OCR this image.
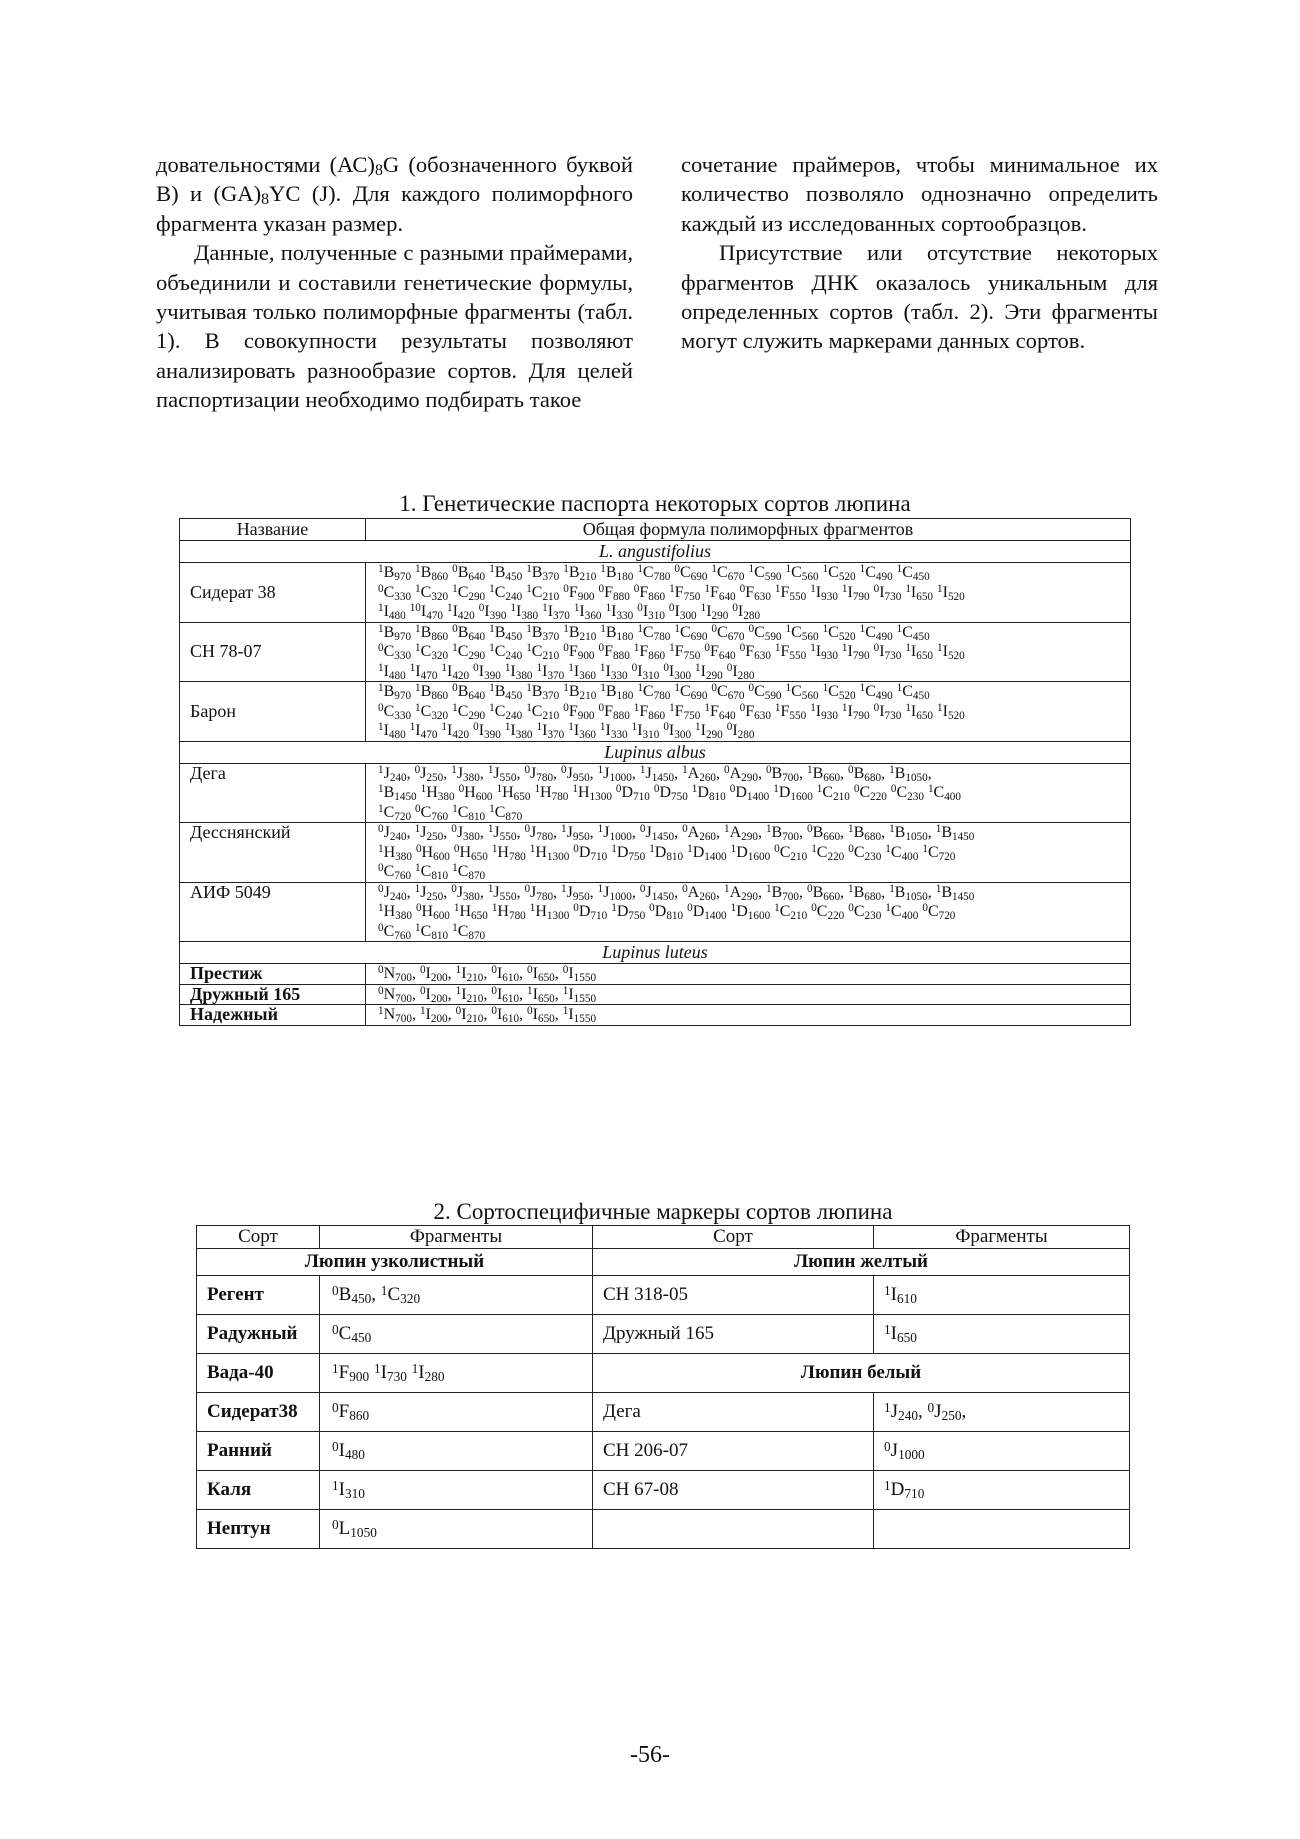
довательностями $(АС)_8G$ (обозначенного буквой В) и $(GA)_8YC$ (J). Для каждого полиморфного фрагмента указан размер.

Данные, полученные с разными праймерами, объединили и составили генетические формулы, учитывая только полиморфные фрагменты (табл. 1). В совокупности результаты позволяют анализировать разнообразие сортов. Для целей паспортизации необходимо подбирать такое

сочетание праймеров, чтобы минимальное их количество позволяло однозначно определить каждый из исследованных сортообразцов.

Присутствие или отсутствие некоторых фрагментов ДНК оказалось уникальным для определенных сортов (табл. 2). Эти фрагменты могут служить маркерами данных сортов.

1. Генетические паспорта некоторых сортов люпина
Название	Общая формула полиморфных фрагментов
L. angustifolius	
Сидерат 38	$^1B_{970}$ $^1B_{860}$ $^0B_{640}$ $^1B_{450}$ $^1B_{370}$ $^1B_{210}$ $^1B_{180}$ $^1C_{780}$ $^0C_{690}$ $^1C_{670}$ $^1C_{590}$ $^1C_{560}$ $^1C_{520}$ $^1C_{490}$ $^1C_{450}$
$^0C_{330}$ $^1C_{320}$ $^1C_{290}$ $^1C_{240}$ $^1C_{210}$ $^0F_{900}$ $^0F_{880}$ $^0F_{860}$ $^1F_{750}$ $^1F_{640}$ $^0F_{630}$ $^1F_{550}$ $^1I_{930}$ $^1I_{790}$ $^0I_{730}$ $^1I_{650}$ $^1I_{520}$
$^1I_{480}$ $^{10}I_{470}$ $^1I_{420}$ $^0I_{390}$ $^1I_{380}$ $^1I_{370}$ $^1I_{360}$ $^1I_{330}$ $^0I_{310}$ $^0I_{300}$ $^1I_{290}$ $^0I_{280}$

СН 78-07	$^1B_{970}$ $^1B_{860}$ $^0B_{640}$ $^1B_{450}$ $^1B_{370}$ $^1B_{210}$ $^1B_{180}$ $^1C_{780}$ $^1C_{690}$ $^0C_{670}$ $^0C_{590}$ $^1C_{560}$ $^1C_{520}$ $^1C_{490}$ $^1C_{450}$
$^0C_{330}$ $^1C_{320}$ $^1C_{290}$ $^1C_{240}$ $^1C_{210}$ $^0F_{900}$ $^0F_{880}$ $^1F_{860}$ $^1F_{750}$ $^0F_{640}$ $^0F_{630}$ $^1F_{550}$ $^1I_{930}$ $^1I_{790}$ $^0I_{730}$ $^1I_{650}$ $^1I_{520}$
$^1I_{480}$ $^1I_{470}$ $^1I_{420}$ $^0I_{390}$ $^1I_{380}$ $^1I_{370}$ $^1I_{360}$ $^1I_{330}$ $^0I_{310}$ $^0I_{300}$ $^1I_{290}$ $^0I_{280}$

Барон	$^1B_{970}$ $^1B_{860}$ $^0B_{640}$ $^1B_{450}$ $^1B_{370}$ $^1B_{210}$ $^1B_{180}$ $^1C_{780}$ $^1C_{690}$ $^0C_{670}$ $^0C_{590}$ $^1C_{560}$ $^1C_{520}$ $^1C_{490}$ $^1C_{450}$
$^0C_{330}$ $^1C_{320}$ $^1C_{290}$ $^1C_{240}$ $^1C_{210}$ $^0F_{900}$ $^0F_{880}$ $^1F_{860}$ $^1F_{750}$ $^1F_{640}$ $^0F_{630}$ $^1F_{550}$ $^1I_{930}$ $^1I_{790}$ $^0I_{730}$ $^1I_{650}$ $^1I_{520}$
$^1I_{480}$ $^1I_{470}$ $^1I_{420}$ $^0I_{390}$ $^1I_{380}$ $^1I_{370}$ $^1I_{360}$ $^1I_{330}$ $^1I_{310}$ $^0I_{300}$ $^1I_{290}$ $^0I_{280}$

Lupinus albus	
Дега	$^1J_{240}$, $^0J_{250}$, $^1J_{380}$, $^1J_{550}$, $^0J_{780}$, $^0J_{950}$, $^1J_{1000}$, $^1J_{1450}$, $^1A_{260}$, $^0A_{290}$, $^0B_{700}$, $^1B_{660}$, $^0B_{680}$, $^1B_{1050}$,
$^1B_{1450}$ $^1H_{380}$ $^0H_{600}$ $^1H_{650}$ $^1H_{780}$ $^1H_{1300}$ $^0D_{710}$ $^0D_{750}$ $^1D_{810}$ $^0D_{1400}$ $^1D_{1600}$ $^1C_{210}$ $^0C_{220}$ $^0C_{230}$ $^1C_{400}$
$^1C_{720}$ $^0C_{760}$ $^1C_{810}$ $^1C_{870}$

Десснянский	$^0J_{240}$, $^1J_{250}$, $^0J_{380}$, $^1J_{550}$, $^0J_{780}$, $^1J_{950}$, $^1J_{1000}$, $^0J_{1450}$, $^0A_{260}$, $^1A_{290}$, $^1B_{700}$, $^0B_{660}$, $^1B_{680}$, $^1B_{1050}$, $^1B_{1450}$
$^1H_{380}$ $^0H_{600}$ $^0H_{650}$ $^1H_{780}$ $^1H_{1300}$ $^0D_{710}$ $^1D_{750}$ $^1D_{810}$ $^1D_{1400}$ $^1D_{1600}$ $^0C_{210}$ $^1C_{220}$ $^0C_{230}$ $^1C_{400}$ $^1C_{720}$
$^0C_{760}$ $^1C_{810}$ $^1C_{870}$

АИФ 5049	$^0J_{240}$, $^1J_{250}$, $^0J_{380}$, $^1J_{550}$, $^0J_{780}$, $^1J_{950}$, $^1J_{1000}$, $^0J_{1450}$, $^0A_{260}$, $^1A_{290}$, $^1B_{700}$, $^0B_{660}$, $^1B_{680}$, $^1B_{1050}$, $^1B_{1450}$
$^1H_{380}$ $^0H_{600}$ $^1H_{650}$ $^1H_{780}$ $^1H_{1300}$ $^0D_{710}$ $^1D_{750}$ $^0D_{810}$ $^0D_{1400}$ $^1D_{1600}$ $^1C_{210}$ $^0C_{220}$ $^0C_{230}$ $^1C_{400}$ $^0C_{720}$
$^0C_{760}$ $^1C_{810}$ $^1C_{870}$

Lupinus luteus	
Престиж	$^0N_{700}$, $^0I_{200}$, $^1I_{210}$, $^0I_{610}$, $^0I_{650}$, $^0I_{1550}$

Дружный 165	$^0N_{700}$, $^0I_{200}$, $^1I_{210}$, $^0I_{610}$, $^1I_{650}$, $^1I_{1550}$

Надежный	$^1N_{700}$, $^1I_{200}$, $^0I_{210}$, $^0I_{610}$, $^0I_{650}$, $^1I_{1550}$
2. Сортоспецифичные маркеры сортов люпина
Сорт	Фрагменты	Сорт	Фрагменты
Люпин узколистный		Люпин желтый	
Регент	$^0B_{450}$, $^1C_{320}$	СН 318-05	$^1I_{610}$
Радужный	$^0C_{450}$	Дружный 165	$^1I_{650}$
Вада-40	$^1F_{900}$ $^1I_{730}$ $^1I_{280}$	Люпин белый	
Сидерат38	$^0F_{860}$	Дега	$^1J_{240}$, $^0J_{250}$,
Ранний	$^0I_{480}$	СН 206-07	$^0J_{1000}$
Каля	$^1I_{310}$	СН 67-08	$^1D_{710}$
Нептун	$^0L_{1050}$		
-56-
